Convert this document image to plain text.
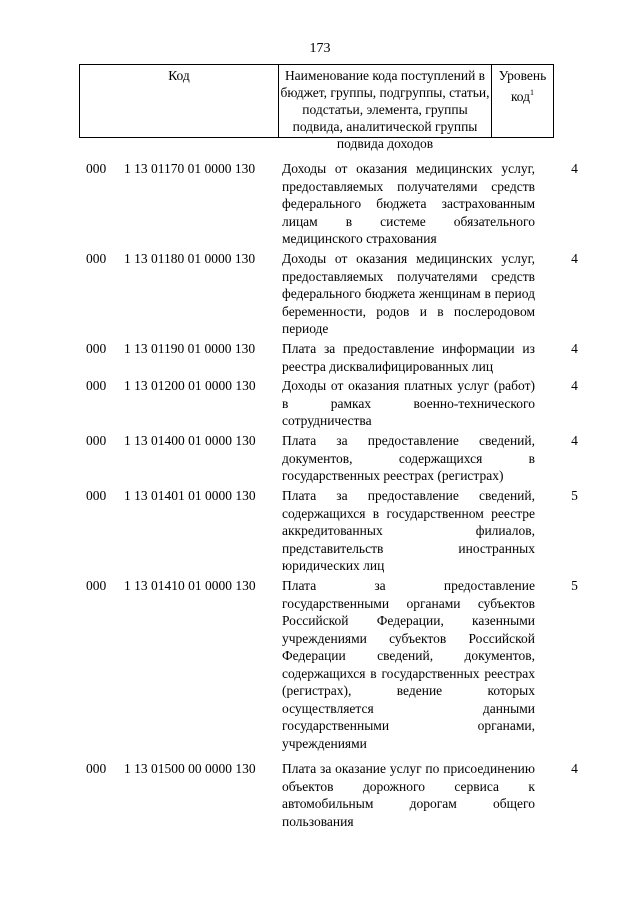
173
Код	Наименование кода поступлений в бюджет, группы, подгруппы, статьи, подстатьи, элемента, группы подвида, аналитической группы подвида доходов
Уровень код$^1$
000 1 13 01170 01 0000 130 Доходы от оказания медицинских услуг, предоставляемых получателями средств федерального бюджета застрахованным лицам в системе обязательного медицинского страхования
4
000 1 13 01180 01 0000 130 Доходы от оказания медицинских услуг, предоставляемых получателями средств федерального бюджета женщинам в период беременности, родов и в послеродовом периоде
4
000 1 13 01190 01 0000 130 Плата за предоставление информации из реестра дисквалифицированных лиц
4
000 1 13 01200 01 0000 130 Доходы от оказания платных услуг (работ) в рамках военно-технического сотрудничества
4
000 1 13 01400 01 0000 130 Плата за предоставление сведений, документов, содержащихся в государственных реестрах (регистрах)
4
000 1 13 01401 01 0000 130 Плата за предоставление сведений, содержащихся в государственном реестре аккредитованных филиалов, представительств иностранных юридических лиц
5
000 1 13 01410 01 0000 130 Плата за предоставление государственными органами субъектов Российской Федерации, казенными учреждениями субъектов Российской Федерации сведений, документов, содержащихся в государственных реестрах (регистрах), ведение которых осуществляется данными государственными органами, учреждениями
5
000 1 13 01500 00 0000 130 Плата за оказание услуг по присоединению объектов дорожного сервиса к автомобильным дорогам общего пользования
4
